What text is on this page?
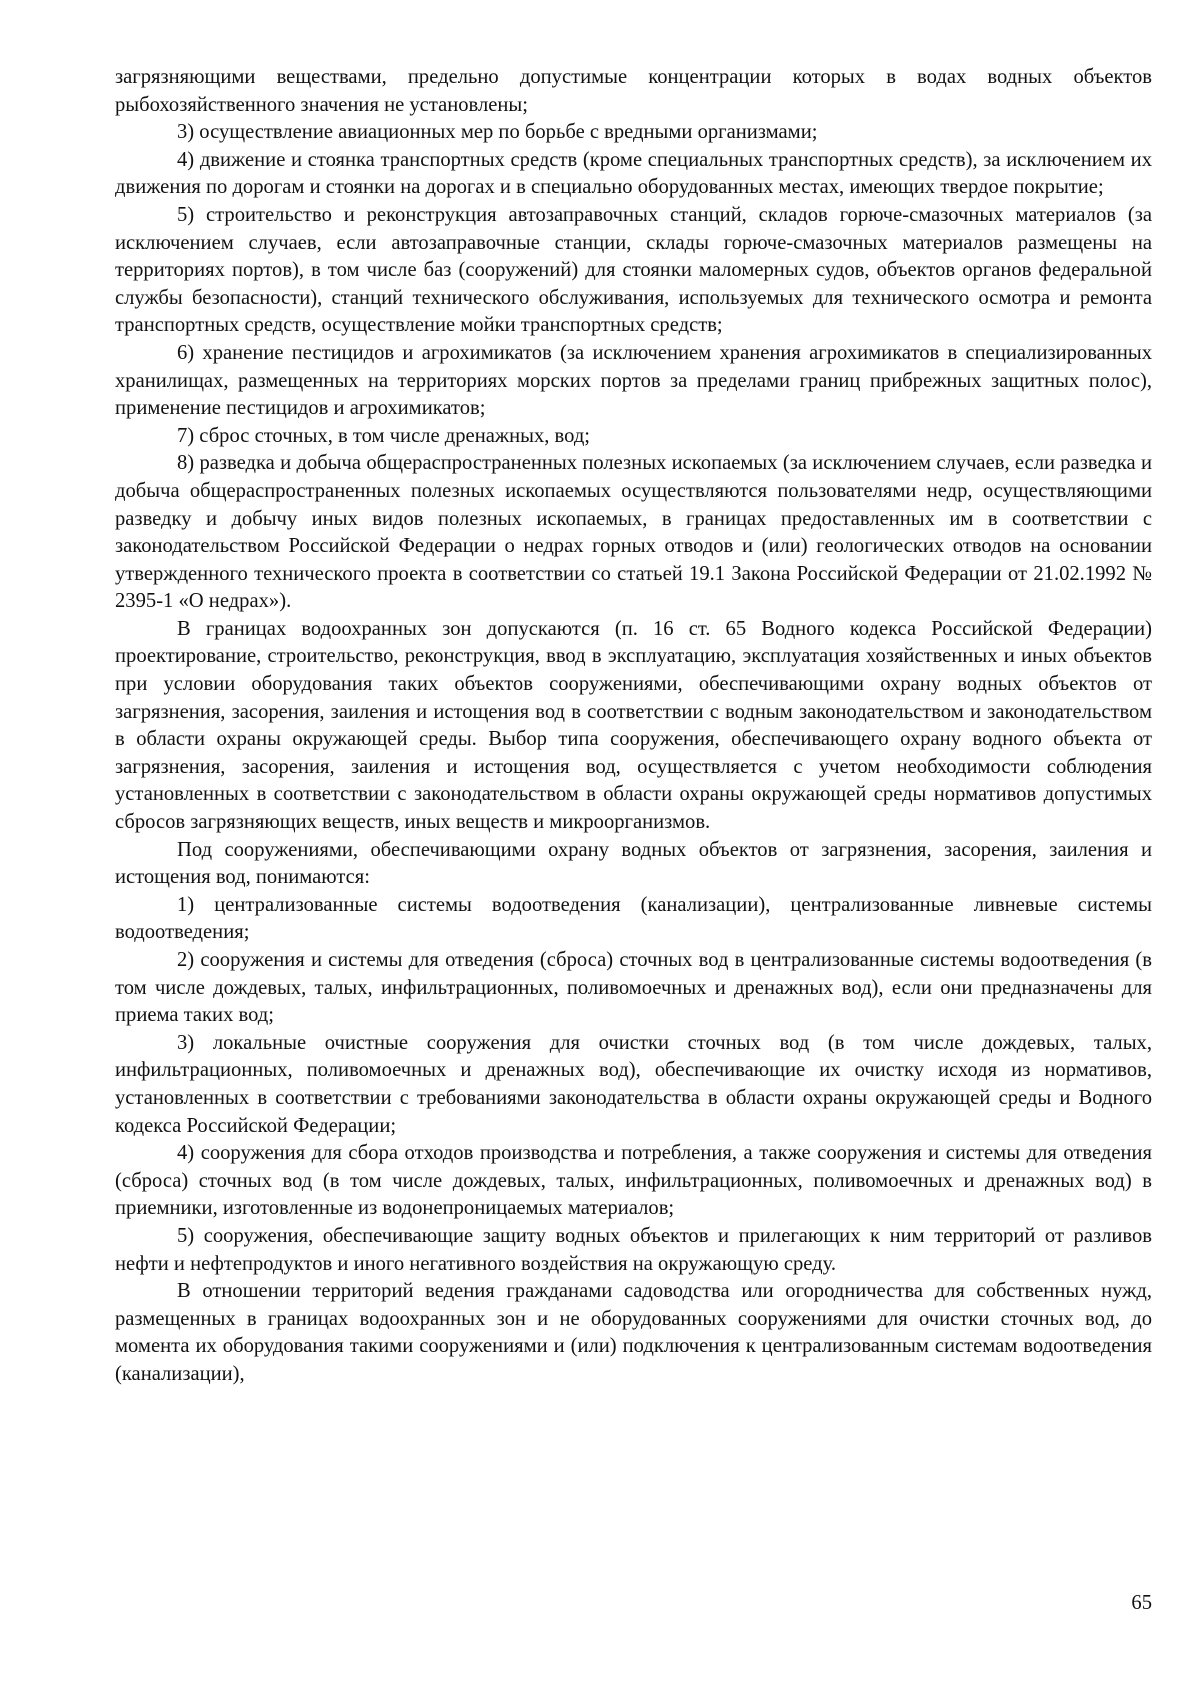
загрязняющими веществами, предельно допустимые концентрации которых в водах водных объектов рыбохозяйственного значения не установлены;

3) осуществление авиационных мер по борьбе с вредными организмами;

4) движение и стоянка транспортных средств (кроме специальных транспортных средств), за исключением их движения по дорогам и стоянки на дорогах и в специально оборудованных местах, имеющих твердое покрытие;

5) строительство и реконструкция автозаправочных станций, складов горюче-смазочных материалов (за исключением случаев, если автозаправочные станции, склады горюче-смазочных материалов размещены на территориях портов), в том числе баз (сооружений) для стоянки маломерных судов, объектов органов федеральной службы безопасности), станций технического обслуживания, используемых для технического осмотра и ремонта транспортных средств, осуществление мойки транспортных средств;

6) хранение пестицидов и агрохимикатов (за исключением хранения агрохимикатов в специализированных хранилищах, размещенных на территориях морских портов за пределами границ прибрежных защитных полос), применение пестицидов и агрохимикатов;

7) сброс сточных, в том числе дренажных, вод;

8) разведка и добыча общераспространенных полезных ископаемых (за исключением случаев, если разведка и добыча общераспространенных полезных ископаемых осуществляются пользователями недр, осуществляющими разведку и добычу иных видов полезных ископаемых, в границах предоставленных им в соответствии с законодательством Российской Федерации о недрах горных отводов и (или) геологических отводов на основании утвержденного технического проекта в соответствии со статьей 19.1 Закона Российской Федерации от 21.02.1992 № 2395-1 «О недрах»).

В границах водоохранных зон допускаются (п. 16 ст. 65 Водного кодекса Российской Федерации) проектирование, строительство, реконструкция, ввод в эксплуатацию, эксплуатация хозяйственных и иных объектов при условии оборудования таких объектов сооружениями, обеспечивающими охрану водных объектов от загрязнения, засорения, заиления и истощения вод в соответствии с водным законодательством и законодательством в области охраны окружающей среды. Выбор типа сооружения, обеспечивающего охрану водного объекта от загрязнения, засорения, заиления и истощения вод, осуществляется с учетом необходимости соблюдения установленных в соответствии с законодательством в области охраны окружающей среды нормативов допустимых сбросов загрязняющих веществ, иных веществ и микроорганизмов.

Под сооружениями, обеспечивающими охрану водных объектов от загрязнения, засорения, заиления и истощения вод, понимаются:

1) централизованные системы водоотведения (канализации), централизованные ливневые системы водоотведения;

2) сооружения и системы для отведения (сброса) сточных вод в централизованные системы водоотведения (в том числе дождевых, талых, инфильтрационных, поливомоечных и дренажных вод), если они предназначены для приема таких вод;

3) локальные очистные сооружения для очистки сточных вод (в том числе дождевых, талых, инфильтрационных, поливомоечных и дренажных вод), обеспечивающие их очистку исходя из нормативов, установленных в соответствии с требованиями законодательства в области охраны окружающей среды и Водного кодекса Российской Федерации;

4) сооружения для сбора отходов производства и потребления, а также сооружения и системы для отведения (сброса) сточных вод (в том числе дождевых, талых, инфильтрационных, поливомоечных и дренажных вод) в приемники, изготовленные из водонепроницаемых материалов;

5) сооружения, обеспечивающие защиту водных объектов и прилегающих к ним территорий от разливов нефти и нефтепродуктов и иного негативного воздействия на окружающую среду.

В отношении территорий ведения гражданами садоводства или огородничества для собственных нужд, размещенных в границах водоохранных зон и не оборудованных сооружениями для очистки сточных вод, до момента их оборудования такими сооружениями и (или) подключения к централизованным системам водоотведения (канализации),

65
